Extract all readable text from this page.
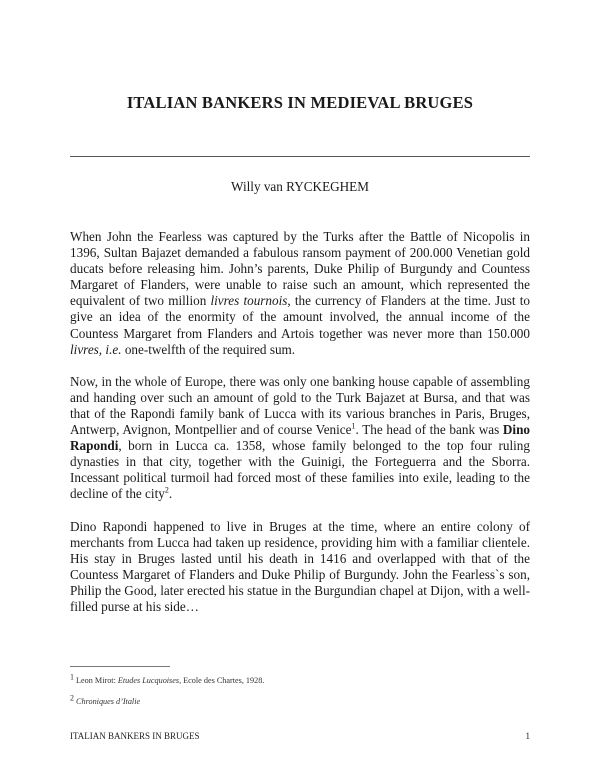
ITALIAN BANKERS IN MEDIEVAL BRUGES

Willy van RYCKEGHEM

When John the Fearless was captured by the Turks after the Battle of Nicopolis in 1396, Sultan Bajazet demanded a fabulous ransom payment of 200.000 Venetian gold ducats before releasing him. John’s parents, Duke Philip of Burgundy and Countess Margaret of Flanders, were unable to raise such an amount, which represented the equivalent of two million livres tournois, the currency of Flanders at the time. Just to give an idea of the enormity of the amount involved, the annual income of the Countess Margaret from Flanders and Artois together was never more than 150.000 livres, i.e. one-twelfth of the required sum.

Now, in the whole of Europe, there was only one banking house capable of assembling and handing over such an amount of gold to the Turk Bajazet at Bursa, and that was that of the Rapondi family bank of Lucca with its various branches in Paris, Bruges, Antwerp, Avignon, Montpellier and of course Venice$^1$. The head of the bank was Dino Rapondi, born in Lucca ca. 1358, whose family belonged to the top four ruling dynasties in that city, together with the Guinigi, the Forteguerra and the Sborra. Incessant political turmoil had forced most of these families into exile, leading to the decline of the city$^2$.

Dino Rapondi happened to live in Bruges at the time, where an entire colony of merchants from Lucca had taken up residence, providing him with a familiar clientele. His stay in Bruges lasted until his death in 1416 and overlapped with that of the Countess Margaret of Flanders and Duke Philip of Burgundy. John the Fearless`s son, Philip the Good, later erected his statue in the Burgundian chapel at Dijon, with a well-filled purse at his side…

$^1$ Leon Mirot: Etudes Lucquoises, Ecole des Chartes, 1928.

$^2$ Chroniques d’Italie

ITALIAN BANKERS IN BRUGES	1
